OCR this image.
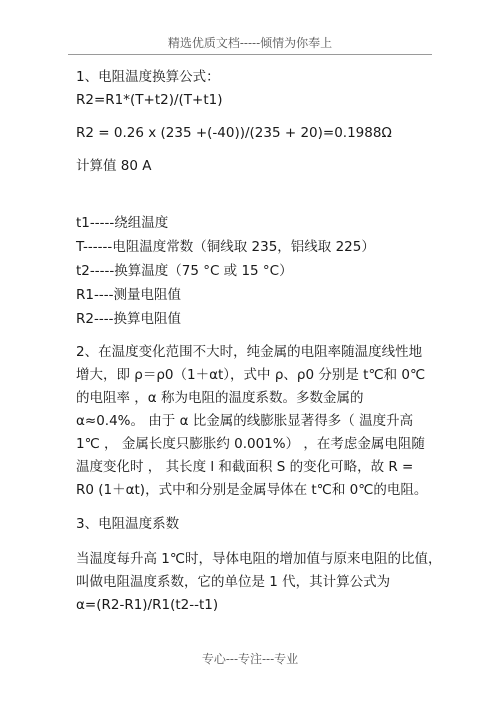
精选优质文档-----倾情为你奉上
1、电阻温度换算公式：
R2=R1*(T+t2)/(T+t1)
R2 = 0.26 x (235 +(-40))/(235 + 20)=0.1988Ω
计算值 80 A
t1-----绕组温度
T------电阻温度常数（铜线取 235，铝线取 225）
t2-----换算温度（75 °C 或 15 °C）
R1----测量电阻值
R2----换算电阻值
2、在温度变化范围不大时，纯金属的电阻率随温度线性地
增大，即 ρ＝ρ0（1＋αt），式中 ρ、ρ0 分别是 t℃和 0℃
的电阻率 ，α 称为电阻的温度系数。多数金属的
α≈0.4%。 由于 α 比金属的线膨胀显著得多（ 温度升高
1℃ ， 金属长度只膨胀约 0.001%） ，在考虑金属电阻随
温度变化时 ， 其长度 l 和截面积 S 的变化可略，故 R =
R0 (1＋αt)，式中和分别是金属导体在 t℃和 0℃的电阻。
3、电阻温度系数
当温度每升高 1℃时，导体电阻的增加值与原来电阻的比值，
叫做电阻温度系数，它的单位是 1 代，其计算公式为
α=(R2-R1)/R1(t2--t1)
专心---专注---专业
